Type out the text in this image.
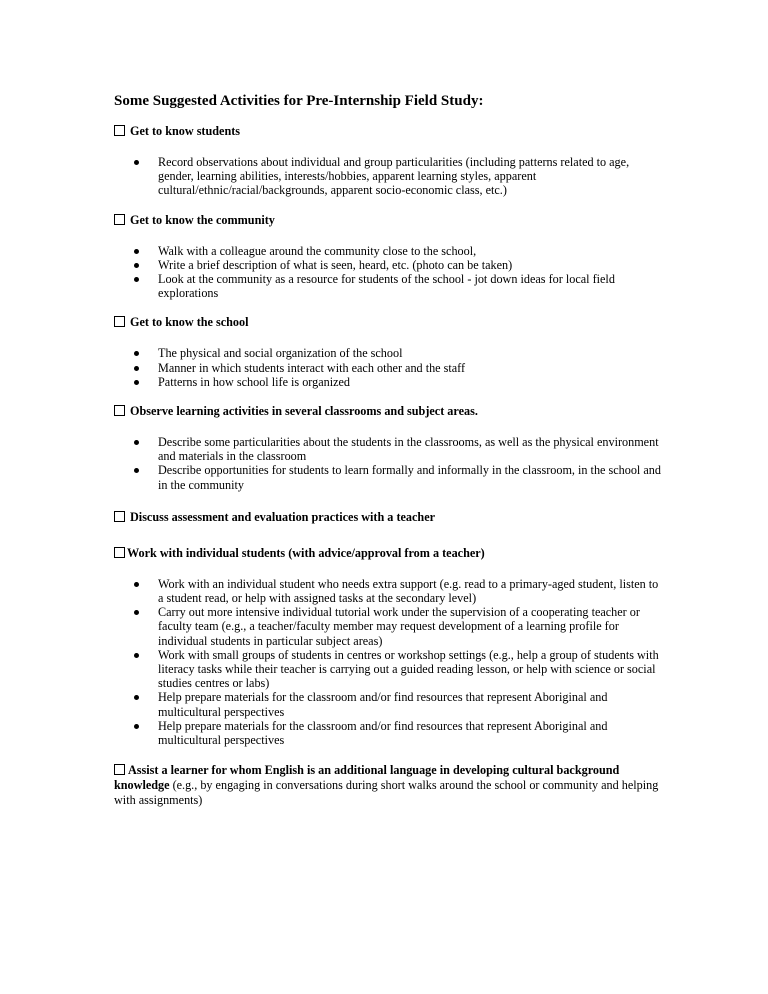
Some Suggested Activities for Pre-Internship Field Study:
Get to know students
Record observations about individual and group particularities (including patterns related to age, gender, learning abilities, interests/hobbies, apparent learning styles, apparent cultural/ethnic/racial/backgrounds, apparent socio-economic class, etc.)
Get to know the community
Walk with a colleague around the community close to the school,
Write a brief description of what is seen, heard, etc. (photo can be taken)
Look at the community as a resource for students of the school - jot down ideas for local field explorations
Get to know the school
The physical and social organization of the school
Manner in which students interact with each other and the staff
Patterns in how school life is organized
Observe learning activities in several classrooms and subject areas.
Describe some particularities about the students in the classrooms, as well as the physical environment and materials in the classroom
Describe opportunities for students to learn formally and informally in the classroom, in the school and in the community
Discuss assessment and evaluation practices with a teacher
Work with individual students (with advice/approval from a teacher)
Work with an individual student who needs extra support (e.g. read to a primary-aged student, listen to a student read, or help with assigned tasks at the secondary level)
Carry out more intensive individual tutorial work under the supervision of a cooperating teacher or faculty team (e.g., a teacher/faculty member may request development of a learning profile for individual students in particular subject areas)
Work with small groups of students in centres or workshop settings (e.g., help a group of students with literacy tasks while their teacher is carrying out a guided reading lesson, or help with science or social studies centres or labs)
Help prepare materials for the classroom and/or find resources that represent Aboriginal and multicultural perspectives
Help prepare materials for the classroom and/or find resources that represent Aboriginal and multicultural perspectives
Assist a learner for whom English is an additional language in developing cultural background knowledge (e.g., by engaging in conversations during short walks around the school or community and helping with assignments)
